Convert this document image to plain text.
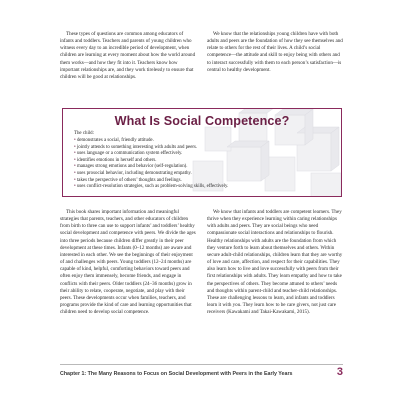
These types of questions are common among educators of infants and toddlers. Teachers and parents of young children who witness every day to an incredible period of development, when children are learning at every moment about how the world around them works—and how they fit into it. Teachers know how important relationships are, and they work tirelessly to ensure that children will be good at relationships.

We know that the relationships young children have with both adults and peers are the foundation of how they see themselves and relate to others for the rest of their lives. A child’s social competence—the attitude and skill to enjoy being with others and to interact successfully with them to each person’s satisfaction—is central to healthy development.

What Is Social Competence?
The child:
• demonstrates a social, friendly attitude.
• jointly attends to something interesting with adults and peers.
• uses language or a communication system effectively.
• identifies emotions in herself and others.
• manages strong emotions and behavior (self-regulation).
• uses prosocial behavior, including demonstrating empathy.
• takes the perspective of others’ thoughts and feelings.
• uses conflict-resolution strategies, such as problem-solving skills, effectively.

This book shares important information and meaningful strategies that parents, teachers, and other educators of children from birth to three can use to support infants’ and toddlers’ healthy social development and competence with peers. We divide the ages into three periods because children differ greatly in their peer development at these times. Infants (0–12 months) are aware and interested in each other. We see the beginnings of their enjoyment of and challenges with peers. Young toddlers (12–24 months) are capable of kind, helpful, comforting behaviors toward peers and often enjoy them immensely, become friends, and engage in conflicts with their peers. Older toddlers (24–36 months) grow in their ability to relate, cooperate, negotiate, and play with their peers. These developments occur when families, teachers, and programs provide the kind of care and learning opportunities that children need to develop social competence.

We know that infants and toddlers are competent learners. They thrive when they experience learning within caring relationships with adults and peers. They are social beings who need compassionate social interactions and relationships to flourish. Healthy relationships with adults are the foundation from which they venture forth to learn about themselves and others. Within secure adult-child relationships, children learn that they are worthy of love and care, affection, and respect for their capabilities. They also learn how to live and love successfully with peers from their first relationships with adults. They learn empathy and how to take the perspectives of others. They become attuned to others’ needs and thoughts within parent-child and teacher-child relationships. These are challenging lessons to learn, and infants and toddlers learn it with you. They learn how to be care givers, not just care receivers (Kawakami and Takai-Kawakami, 2015).

Chapter 1: The Many Reasons to Focus on Social Development with Peers in the Early Years	3
